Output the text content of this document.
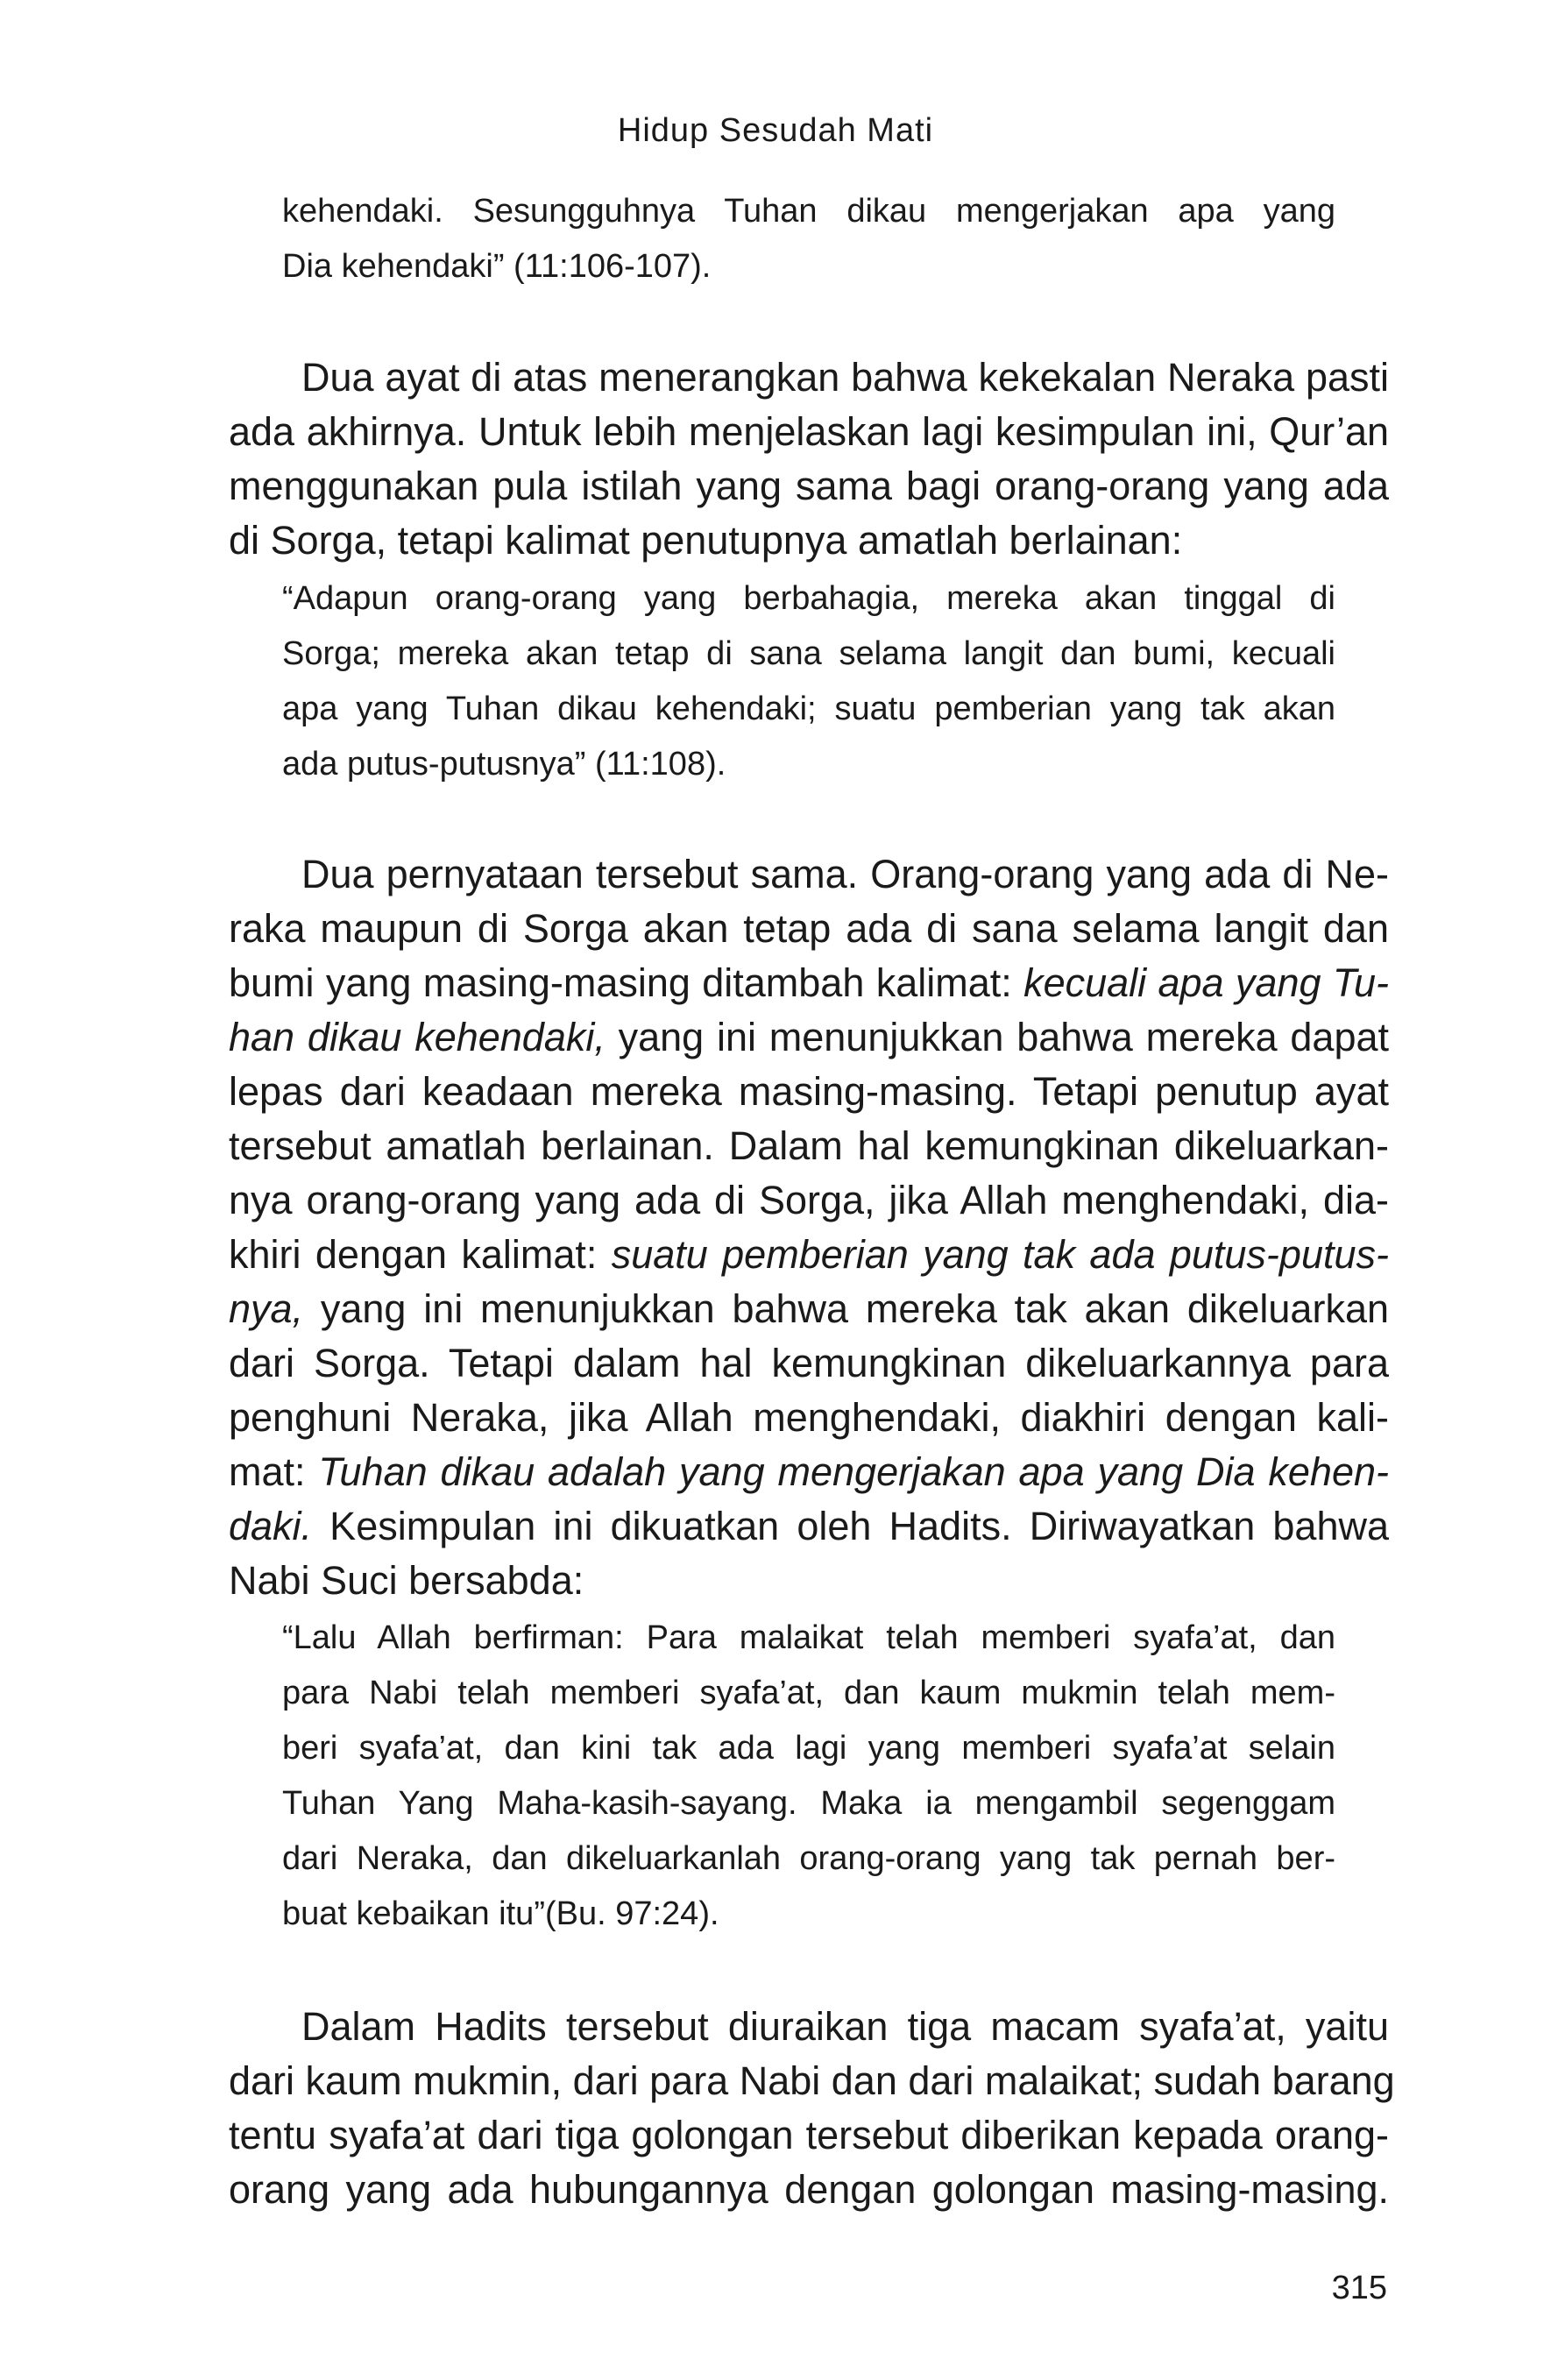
Hidup Sesudah Mati
kehendaki. Sesungguhnya Tuhan dikau mengerjakan apa yang
Dia kehendaki” (11:106-107).
Dua ayat di atas menerangkan bahwa kekekalan Neraka pasti
ada akhirnya. Untuk lebih menjelaskan lagi kesimpulan ini, Qur’an
menggunakan pula istilah yang sama bagi orang-orang yang ada
di Sorga, tetapi kalimat penutupnya amatlah berlainan:
“Adapun orang-orang yang berbahagia, mereka akan tinggal di
Sorga; mereka akan tetap di sana selama langit dan bumi, kecuali
apa yang Tuhan dikau kehendaki; suatu pemberian yang tak akan
ada putus-putusnya” (11:108).
Dua pernyataan tersebut sama. Orang-orang yang ada di Ne-
raka maupun di Sorga akan tetap ada di sana selama langit dan
bumi yang masing-masing ditambah kalimat: kecuali apa yang Tu-
han dikau kehendaki, yang ini menunjukkan bahwa mereka dapat
lepas dari keadaan mereka masing-masing. Tetapi penutup ayat
tersebut amatlah berlainan. Dalam hal kemungkinan dikeluarkan-
nya orang-orang yang ada di Sorga, jika Allah menghendaki, dia-
khiri dengan kalimat: suatu pemberian yang tak ada putus-putus-
nya, yang ini menunjukkan bahwa mereka tak akan dikeluarkan
dari Sorga. Tetapi dalam hal kemungkinan dikeluarkannya para
penghuni Neraka, jika Allah menghendaki, diakhiri dengan kali-
mat: Tuhan dikau adalah yang mengerjakan apa yang Dia kehen-
daki. Kesimpulan ini dikuatkan oleh Hadits. Diriwayatkan bahwa
Nabi Suci bersabda:
“Lalu Allah berfirman: Para malaikat telah memberi syafa’at, dan
para Nabi telah memberi syafa’at, dan kaum mukmin telah mem-
beri syafa’at, dan kini tak ada lagi yang memberi syafa’at selain
Tuhan Yang Maha-kasih-sayang. Maka ia mengambil segenggam
dari Neraka, dan dikeluarkanlah orang-orang yang tak pernah ber-
buat kebaikan itu”(Bu. 97:24).
Dalam Hadits tersebut diuraikan tiga macam syafa’at, yaitu
dari kaum mukmin, dari para Nabi dan dari malaikat; sudah barang
tentu syafa’at dari tiga golongan tersebut diberikan kepada orang-
orang yang ada hubungannya dengan golongan masing-masing.
315
